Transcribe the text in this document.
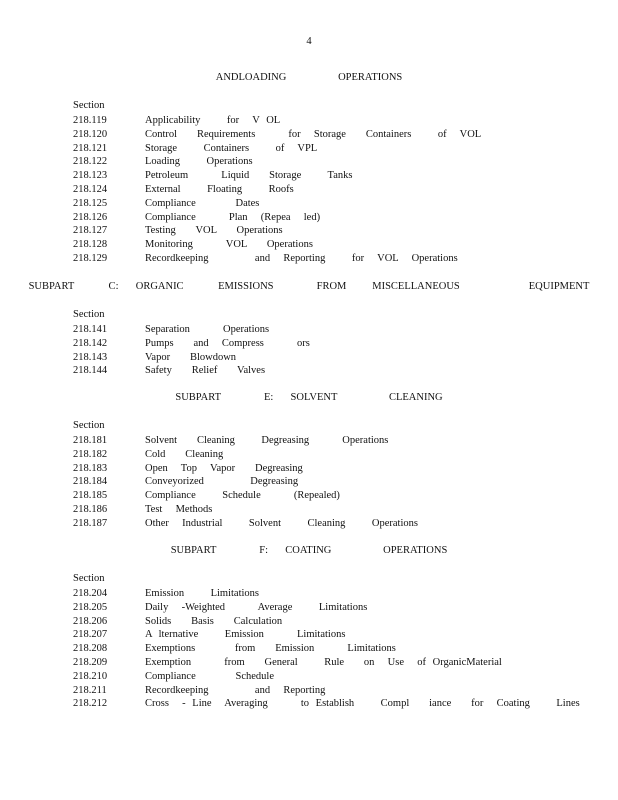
4
ANDLOADING      OPERATIONS
Section
218.119	Applicability    for  V OL
218.120	Control   Requirements     for  Storage   Containers    of  VOL
218.121	Storage    Containers    of  VPL
218.122	Loading    Operations
218.123	Petroleum     Liquid   Storage    Tanks
218.124	External    Floating    Roofs
218.125	Compliance      Dates
218.126	Compliance     Plan  (Repea  led)
218.127	Testing   VOL   Operations
218.128	Monitoring     VOL   Operations
218.129	Recordkeeping       and  Reporting    for  VOL  Operations
SUBPART    C:  ORGANIC    EMISSIONS     FROM   MISCELLANEOUS        EQUIPMENT
Section
218.141	Separation     Operations
218.142	Pumps   and  Compress     ors
218.143	Vapor   Blowdown
218.144	Safety   Relief   Valves
SUBPART     E:  SOLVENT      CLEANING
Section
218.181	Solvent   Cleaning    Degreasing     Operations
218.182	Cold   Cleaning
218.183	Open  Top  Vapor   Degreasing
218.184	Conveyorized       Degreasing
218.185	Compliance    Schedule     (Repealed)
218.186	Test  Methods
218.187	Other  Industrial    Solvent    Cleaning    Operations
SUBPART     F:  COATING      OPERATIONS
Section
218.204	Emission    Limitations
218.205	Daily  -Weighted     Average    Limitations
218.206	Solids   Basis   Calculation
218.207	A lternative    Emission     Limitations
218.208	Exemptions      from   Emission     Limitations
218.209	Exemption     from   General    Rule   on  Use  of OrganicMaterial
218.210	Compliance      Schedule
218.211	Recordkeeping       and  Reporting
218.212	Cross  - Line  Averaging     to Establish    Compl   iance   for  Coating    Lines
